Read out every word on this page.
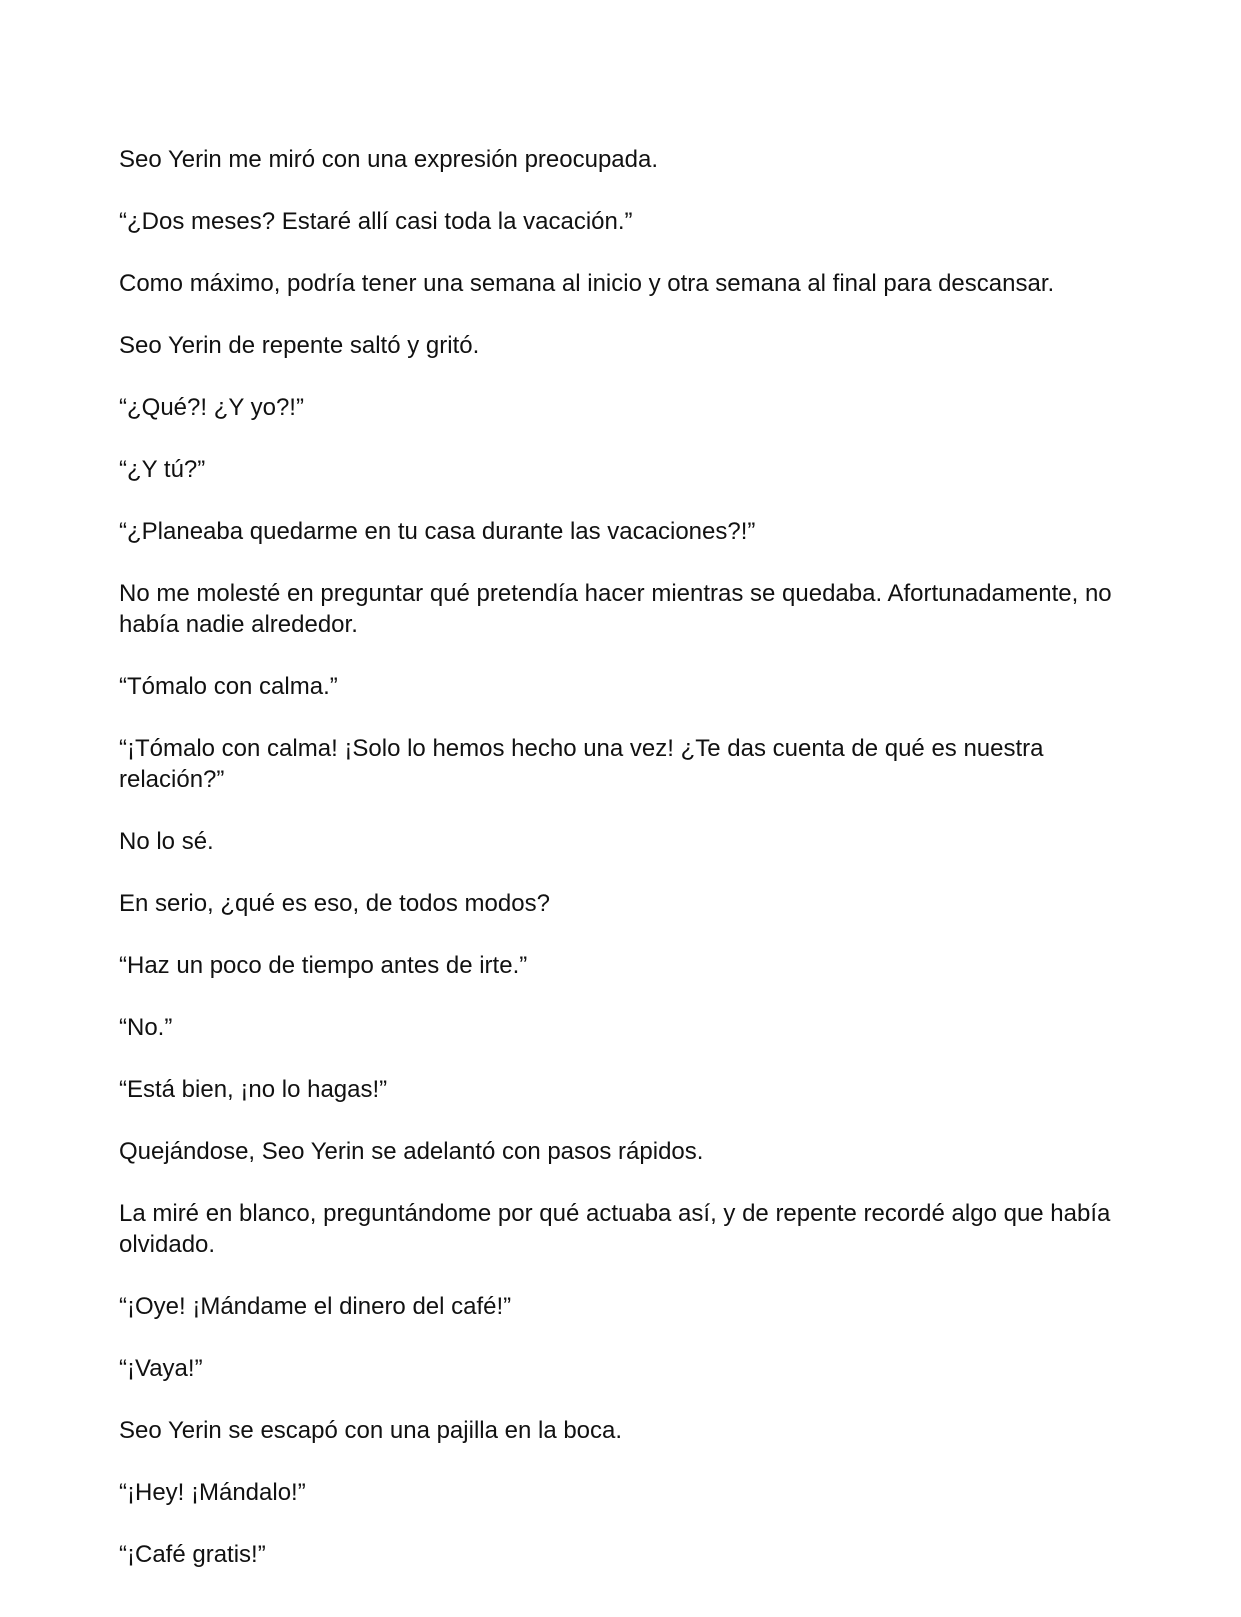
Seo Yerin me miró con una expresión preocupada.

“¿Dos meses? Estaré allí casi toda la vacación.”

Como máximo, podría tener una semana al inicio y otra semana al final para descansar.

Seo Yerin de repente saltó y gritó.

“¿Qué?! ¿Y yo?!”

“¿Y tú?”

“¿Planeaba quedarme en tu casa durante las vacaciones?!”

No me molesté en preguntar qué pretendía hacer mientras se quedaba. Afortunadamente, no había nadie alrededor.

“Tómalo con calma.”

“¡Tómalo con calma! ¡Solo lo hemos hecho una vez! ¿Te das cuenta de qué es nuestra relación?”

No lo sé.

En serio, ¿qué es eso, de todos modos?

“Haz un poco de tiempo antes de irte.”

“No.”

“Está bien, ¡no lo hagas!”

Quejándose, Seo Yerin se adelantó con pasos rápidos.

La miré en blanco, preguntándome por qué actuaba así, y de repente recordé algo que había olvidado.

“¡Oye! ¡Mándame el dinero del café!”

“¡Vaya!”

Seo Yerin se escapó con una pajilla en la boca.

“¡Hey! ¡Mándalo!”

“¡Café gratis!”
